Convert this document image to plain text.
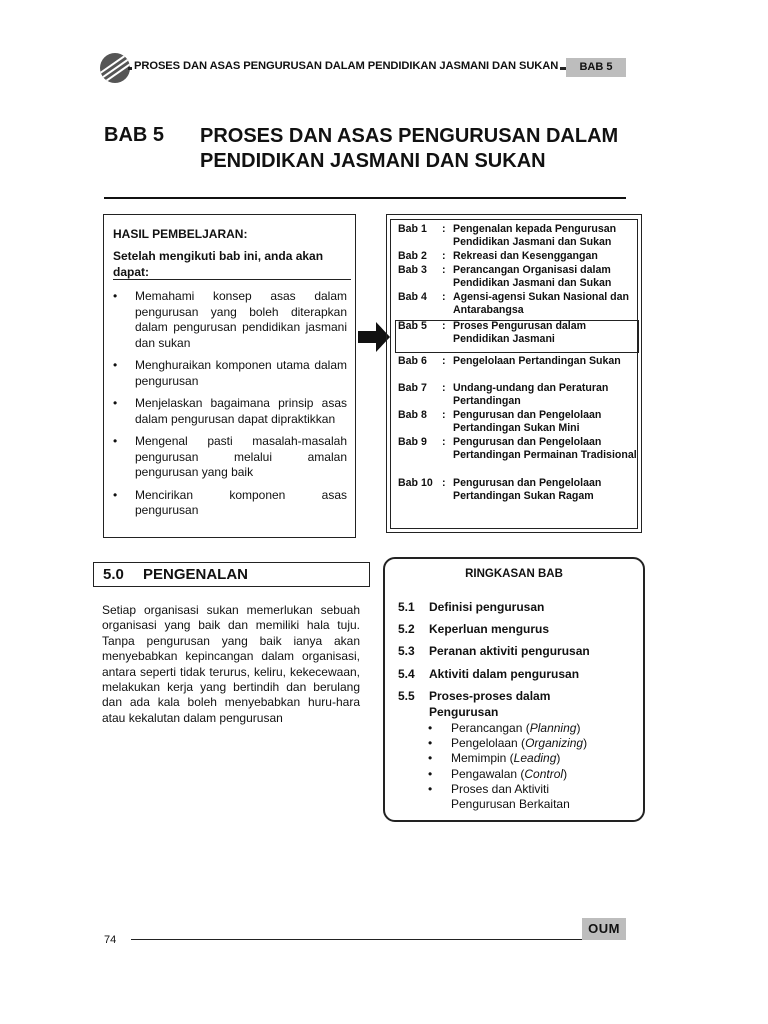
PROSES DAN ASAS PENGURUSAN DALAM PENDIDIKAN JASMANI DAN SUKAN	BAB 5
BAB 5 PROSES DAN ASAS PENGURUSAN DALAM PENDIDIKAN JASMANI DAN SUKAN
HASIL PEMBELJARAN:
Setelah mengikuti bab ini, anda akan dapat:
• Memahami konsep asas dalam pengurusan yang boleh diterapkan dalam pengurusan pendidikan jasmani dan sukan
• Menghuraikan komponen utama dalam pengurusan
• Menjelaskan bagaimana prinsip asas dalam pengurusan dapat dipraktikkan
• Mengenal pasti masalah-masalah pengurusan melalui amalan pengurusan yang baik
• Mencirikan komponen asas pengurusan
Bab 1	: Pengenalan kepada Pengurusan Pendidikan Jasmani dan Sukan
Bab 2	: Rekreasi dan Kesenggangan
Bab 3	: Perancangan Organisasi dalam Pendidikan Jasmani dan Sukan
Bab 4	: Agensi-agensi Sukan Nasional dan Antarabangsa
Bab 5	: Proses Pengurusan dalam Pendidikan Jasmani
Bab 6	: Pengelolaan Pertandingan Sukan
Bab 7	: Undang-undang dan Peraturan Pertandingan
Bab 8	: Pengurusan dan Pengelolaan Pertandingan Sukan Mini
Bab 9	: Pengurusan dan Pengelolaan Pertandingan Permainan Tradisional
Bab 10 : Pengurusan dan Pengelolaan Pertandingan Sukan Ragam
5.0 PENGENALAN

Setiap organisasi sukan memerlukan sebuah organisasi yang baik dan memiliki hala tuju. Tanpa pengurusan yang baik ianya akan menyebabkan kepincangan dalam organisasi, antara seperti tidak terurus, keliru, kekecewaan, melakukan kerja yang bertindih dan berulang dan ada kala boleh menyebabkan huru-hara atau kekalutan dalam pengurusan

RINGKASAN BAB
5.1 Definisi pengurusan
5.2 Keperluan mengurus
5.3 Peranan aktiviti pengurusan
5.4 Aktiviti dalam pengurusan
5.5 Proses-proses dalam Pengurusan
• Perancangan (Planning)
• Pengelolaan (Organizing)
• Memimpin (Leading)
• Pengawalan (Control)
• Proses dan Aktiviti Pengurusan Berkaitan
74
OUM
